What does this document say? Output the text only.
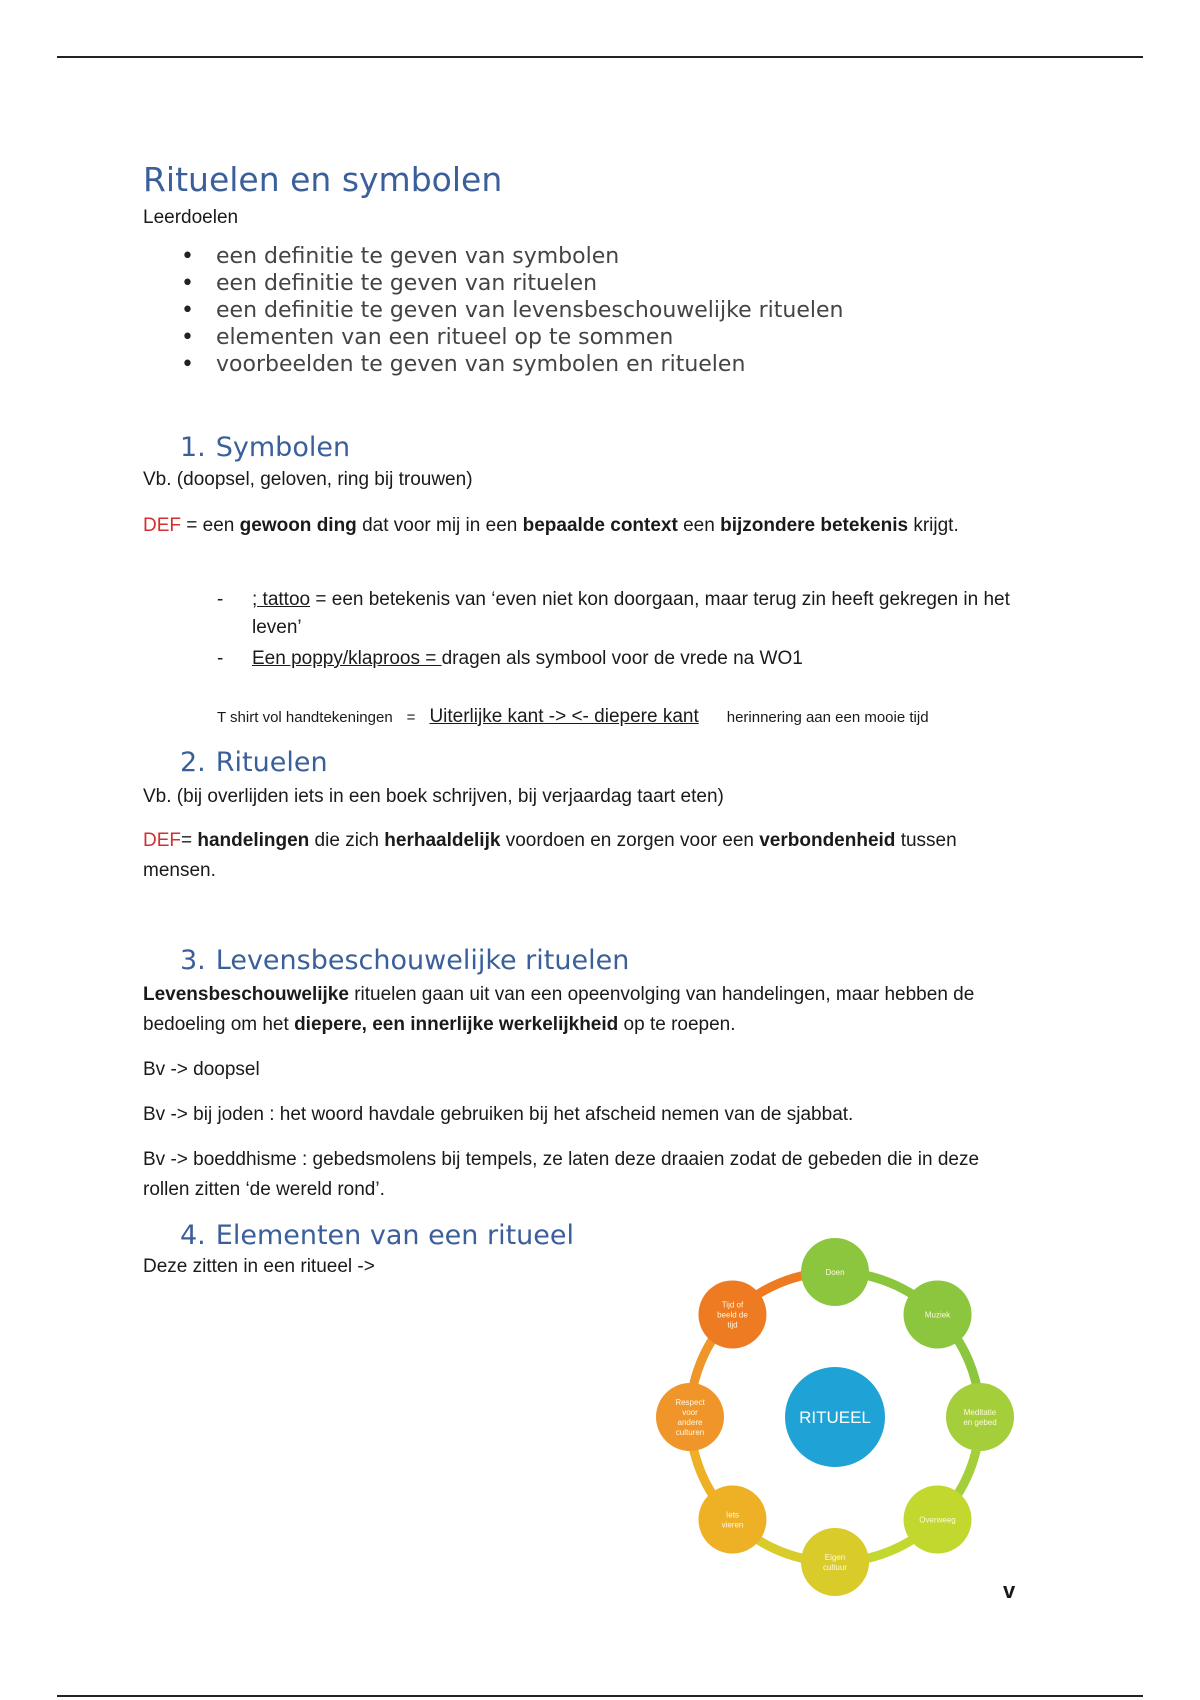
Rituelen en symbolen
Leerdoelen
• een definitie te geven van symbolen
• een definitie te geven van rituelen
• een definitie te geven van levensbeschouwelijke rituelen
• elementen van een ritueel op te sommen
• voorbeelden te geven van symbolen en rituelen
1. Symbolen
Vb. (doopsel, geloven, ring bij trouwen)
DEF = een gewoon ding dat voor mij in een bepaalde context een bijzondere betekenis krijgt.
- ; tattoo = een betekenis van ‘even niet kon doorgaan, maar terug zin heeft gekregen in het leven’
- Een poppy/klaproos = dragen als symbool voor de vrede na WO1
T shirt vol handtekeningen = Uiterlijke kant -> <- diepere kant herinnering aan een mooie tijd
2. Rituelen
Vb. (bij overlijden iets in een boek schrijven, bij verjaardag taart eten)
DEF= handelingen die zich herhaaldelijk voordoen en zorgen voor een verbondenheid tussen mensen.
3. Levensbeschouwelijke rituelen
Levensbeschouwelijke rituelen gaan uit van een opeenvolging van handelingen, maar hebben de bedoeling om het diepere, een innerlijke werkelijkheid op te roepen.
Bv -> doopsel
Bv -> bij joden : het woord havdale gebruiken bij het afscheid nemen van de sjabbat.
Bv -> boeddhisme : gebedsmolens bij tempels, ze laten deze draaien zodat de gebeden die in deze rollen zitten ‘de wereld rond’.
4. Elementen van een ritueel
Deze zitten in een ritueel ->
RITUEEL
Doen
Muziek
Meditatie en gebed
Overweeg
Eigen cultuur
Iets vieren
Respect voor andere culturen
Tijd of beeld de tijd
v
